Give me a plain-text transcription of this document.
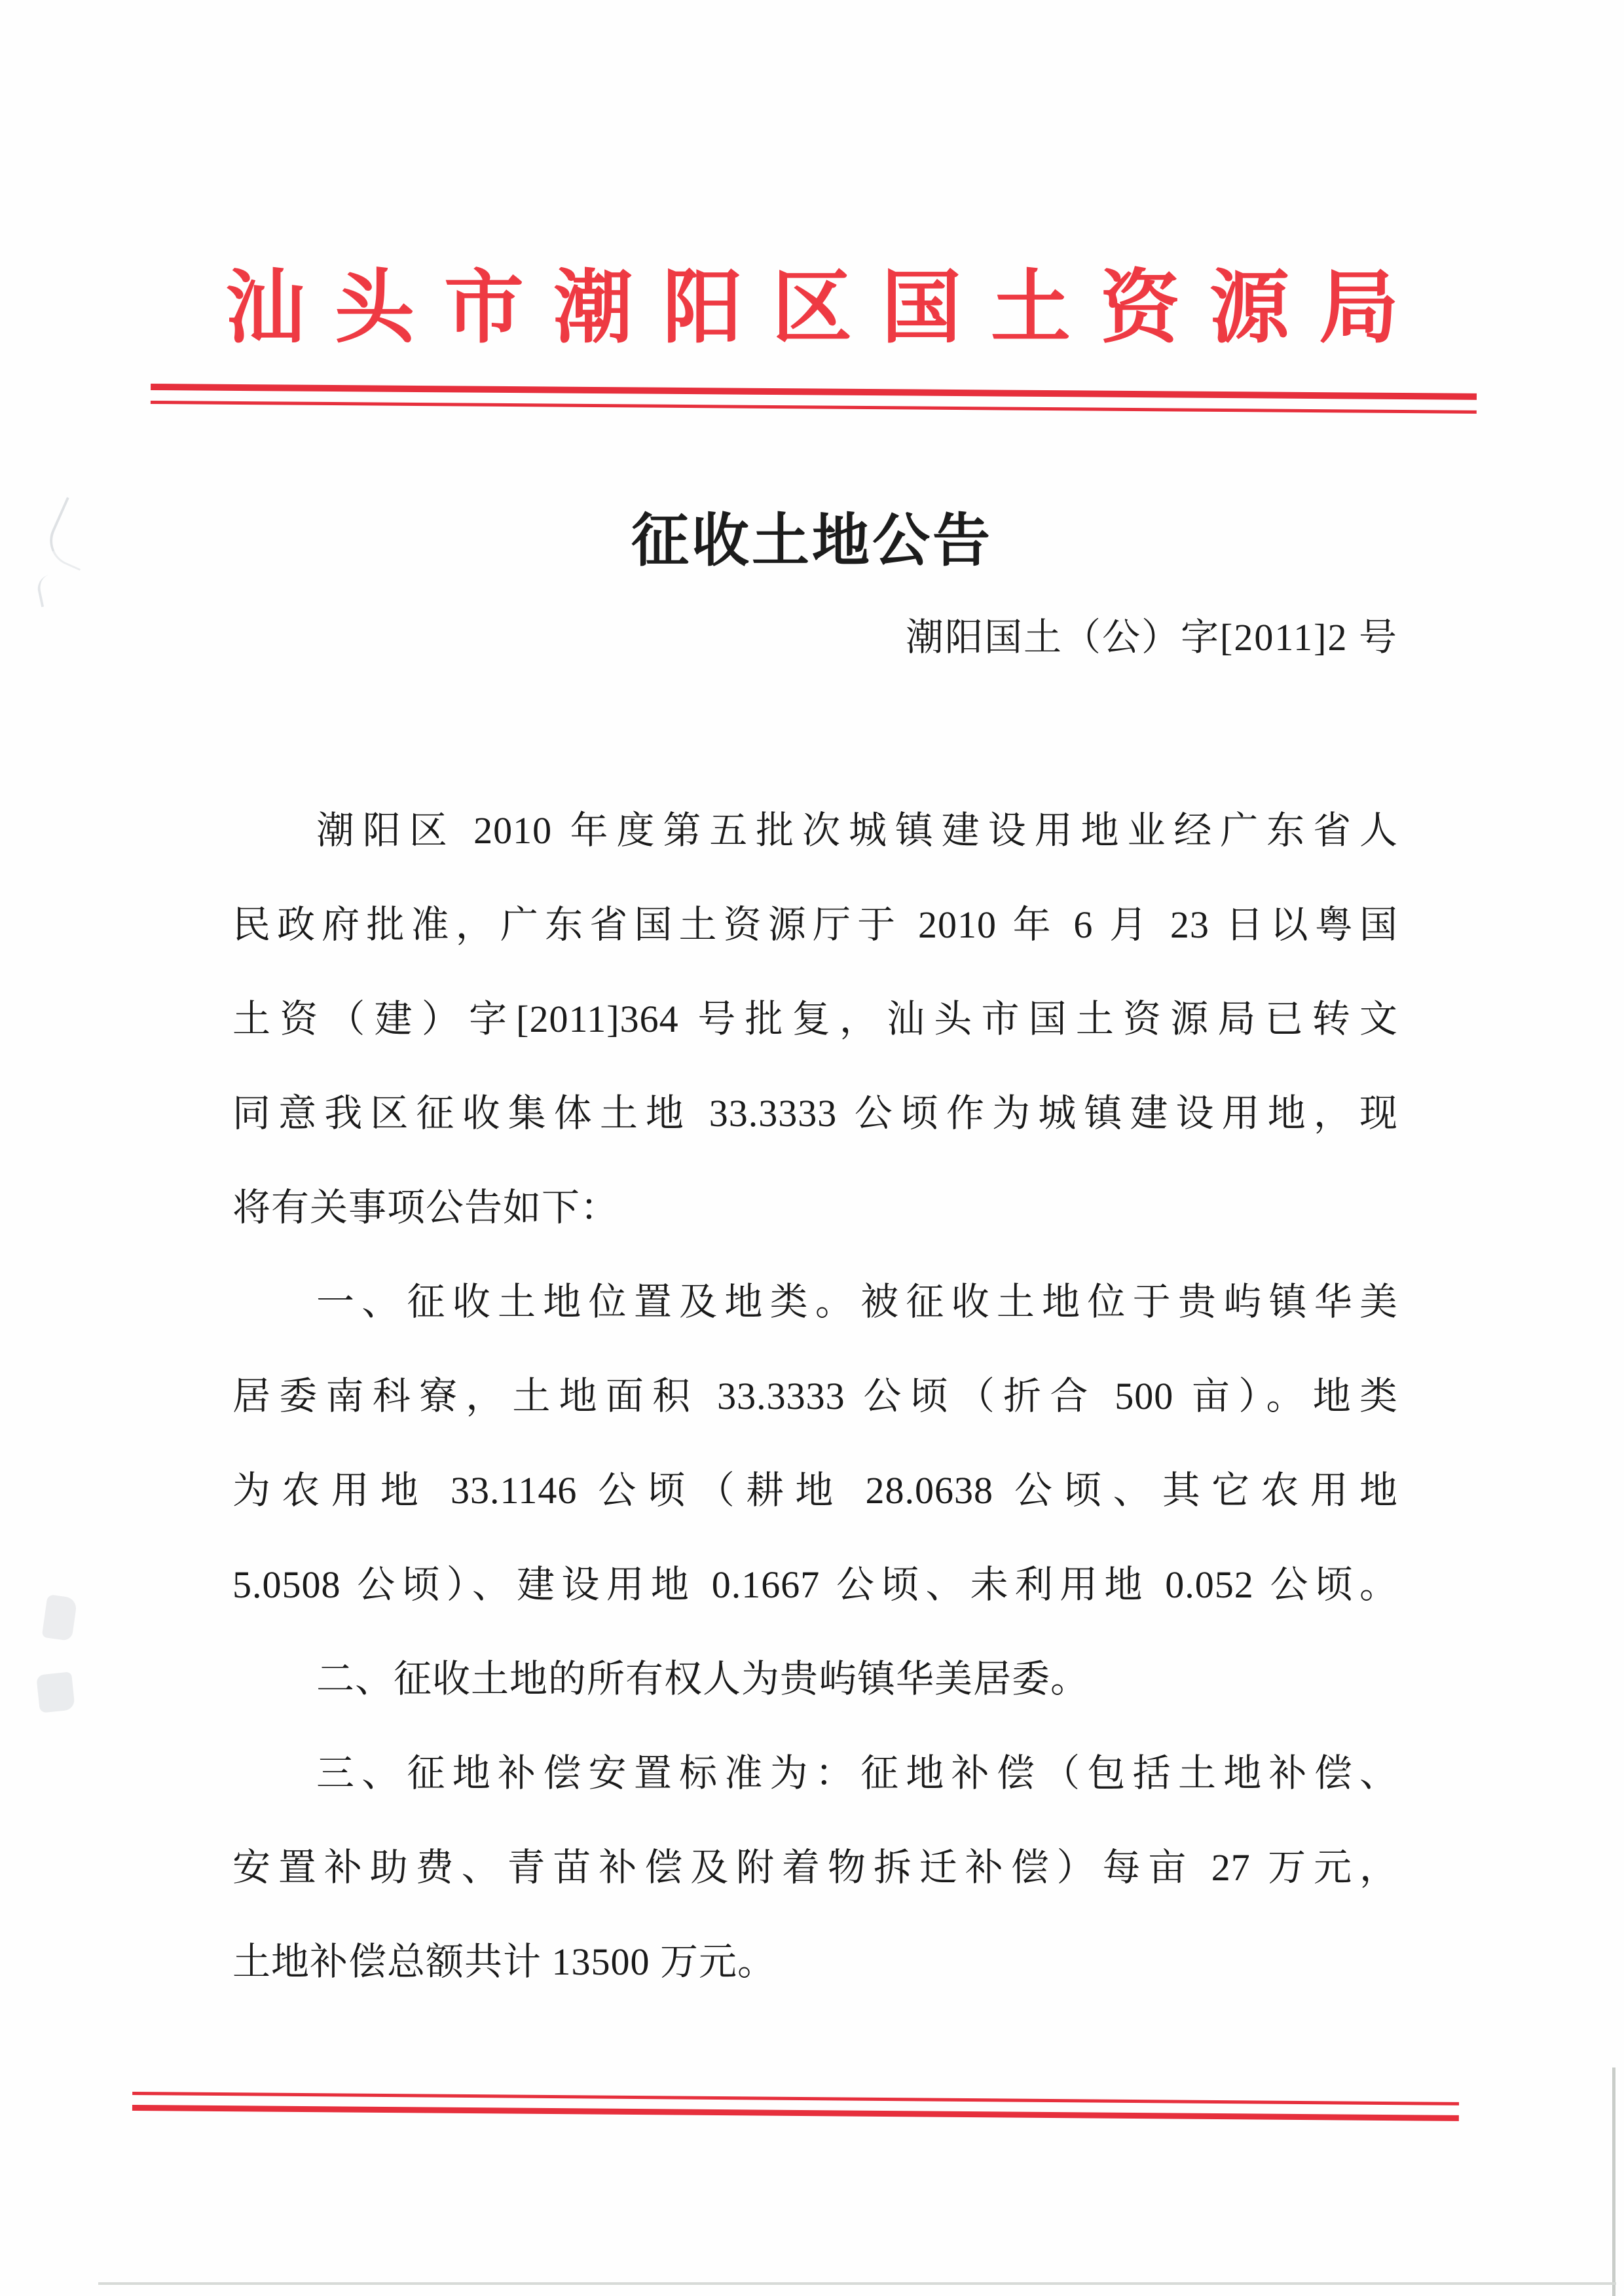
汕头市潮阳区国土资源局
征收土地公告
潮阳国土（公）字[2011]2 号
潮阳区 2010 年度第五批次城镇建设用地业经广东省人
民政府批准，广东省国土资源厅于 2010 年 6 月 23 日以粤国
土资（建）字[2011]364 号批复，汕头市国土资源局已转文
同意我区征收集体土地 33.3333 公顷作为城镇建设用地，现
将有关事项公告如下：
一、征收土地位置及地类。被征收土地位于贵屿镇华美
居委南科寮，土地面积 33.3333 公顷（折合 500 亩）。地类
为农用地 33.1146 公顷（耕地 28.0638 公顷、其它农用地
5.0508 公顷）、建设用地 0.1667 公顷、未利用地 0.052 公顷。
二、征收土地的所有权人为贵屿镇华美居委。
三、征地补偿安置标准为：征地补偿（包括土地补偿、
安置补助费、青苗补偿及附着物拆迁补偿）每亩 27 万元，
土地补偿总额共计 13500 万元。
